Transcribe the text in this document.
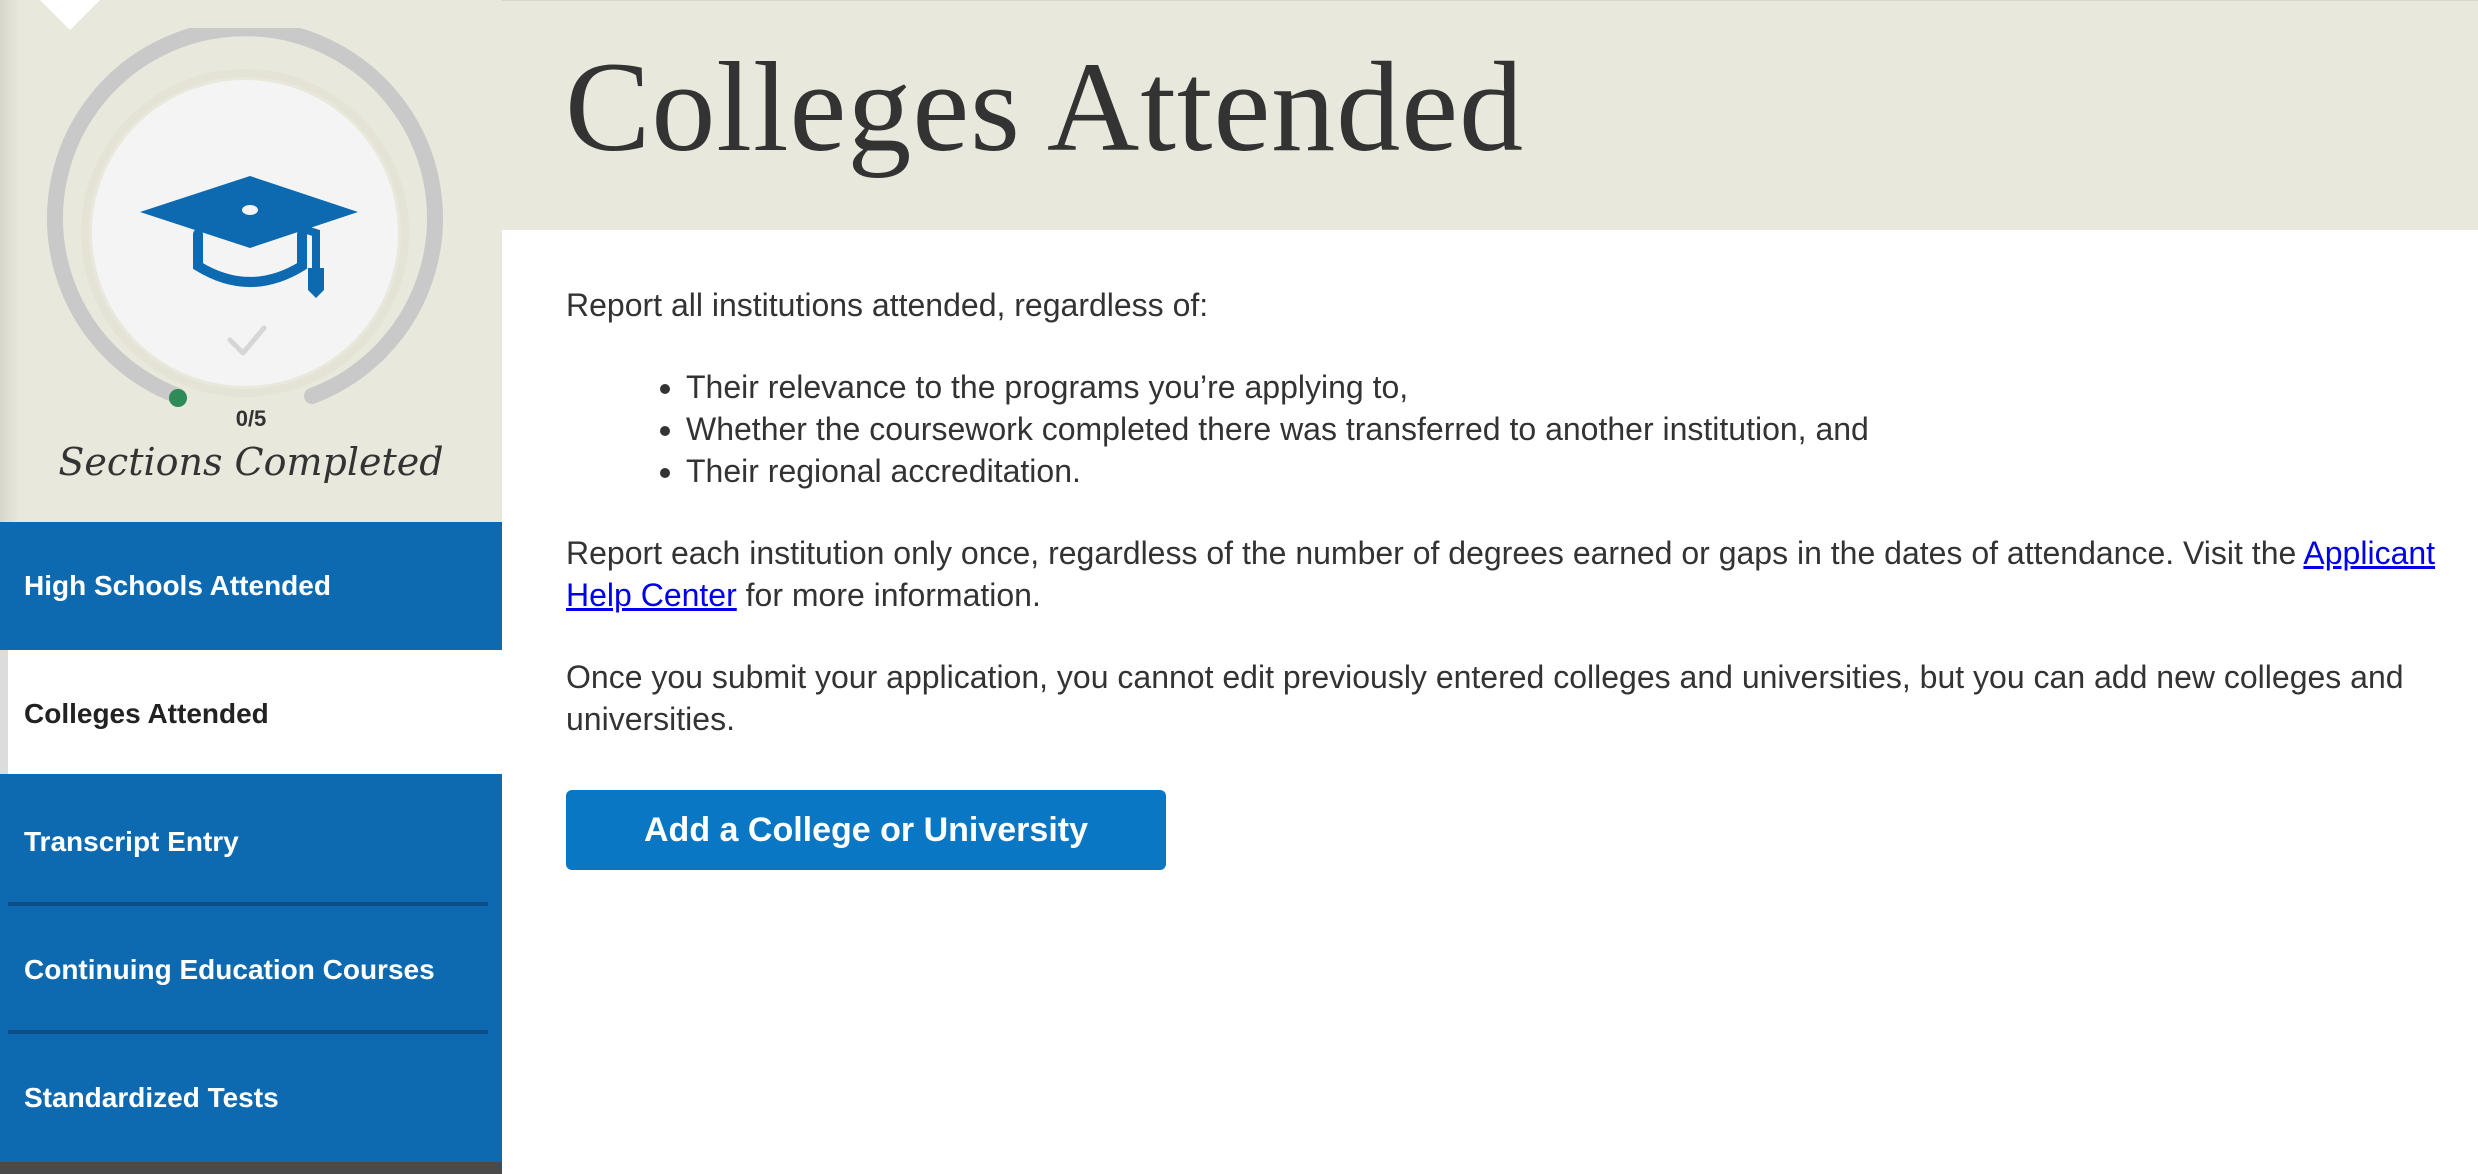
0/5
Sections Completed
High Schools Attended
Colleges Attended
Transcript Entry
Continuing Education Courses
Standardized Tests
Colleges Attended

Report all institutions attended, regardless of:

• Their relevance to the programs you’re applying to,
• Whether the coursework completed there was transferred to another institution, and
• Their regional accreditation.

Report each institution only once, regardless of the number of degrees earned or gaps in the dates of attendance. Visit the Applicant Help Center for more information.

Once you submit your application, you cannot edit previously entered colleges and universities, but you can add new colleges and universities.

Add a College or University
